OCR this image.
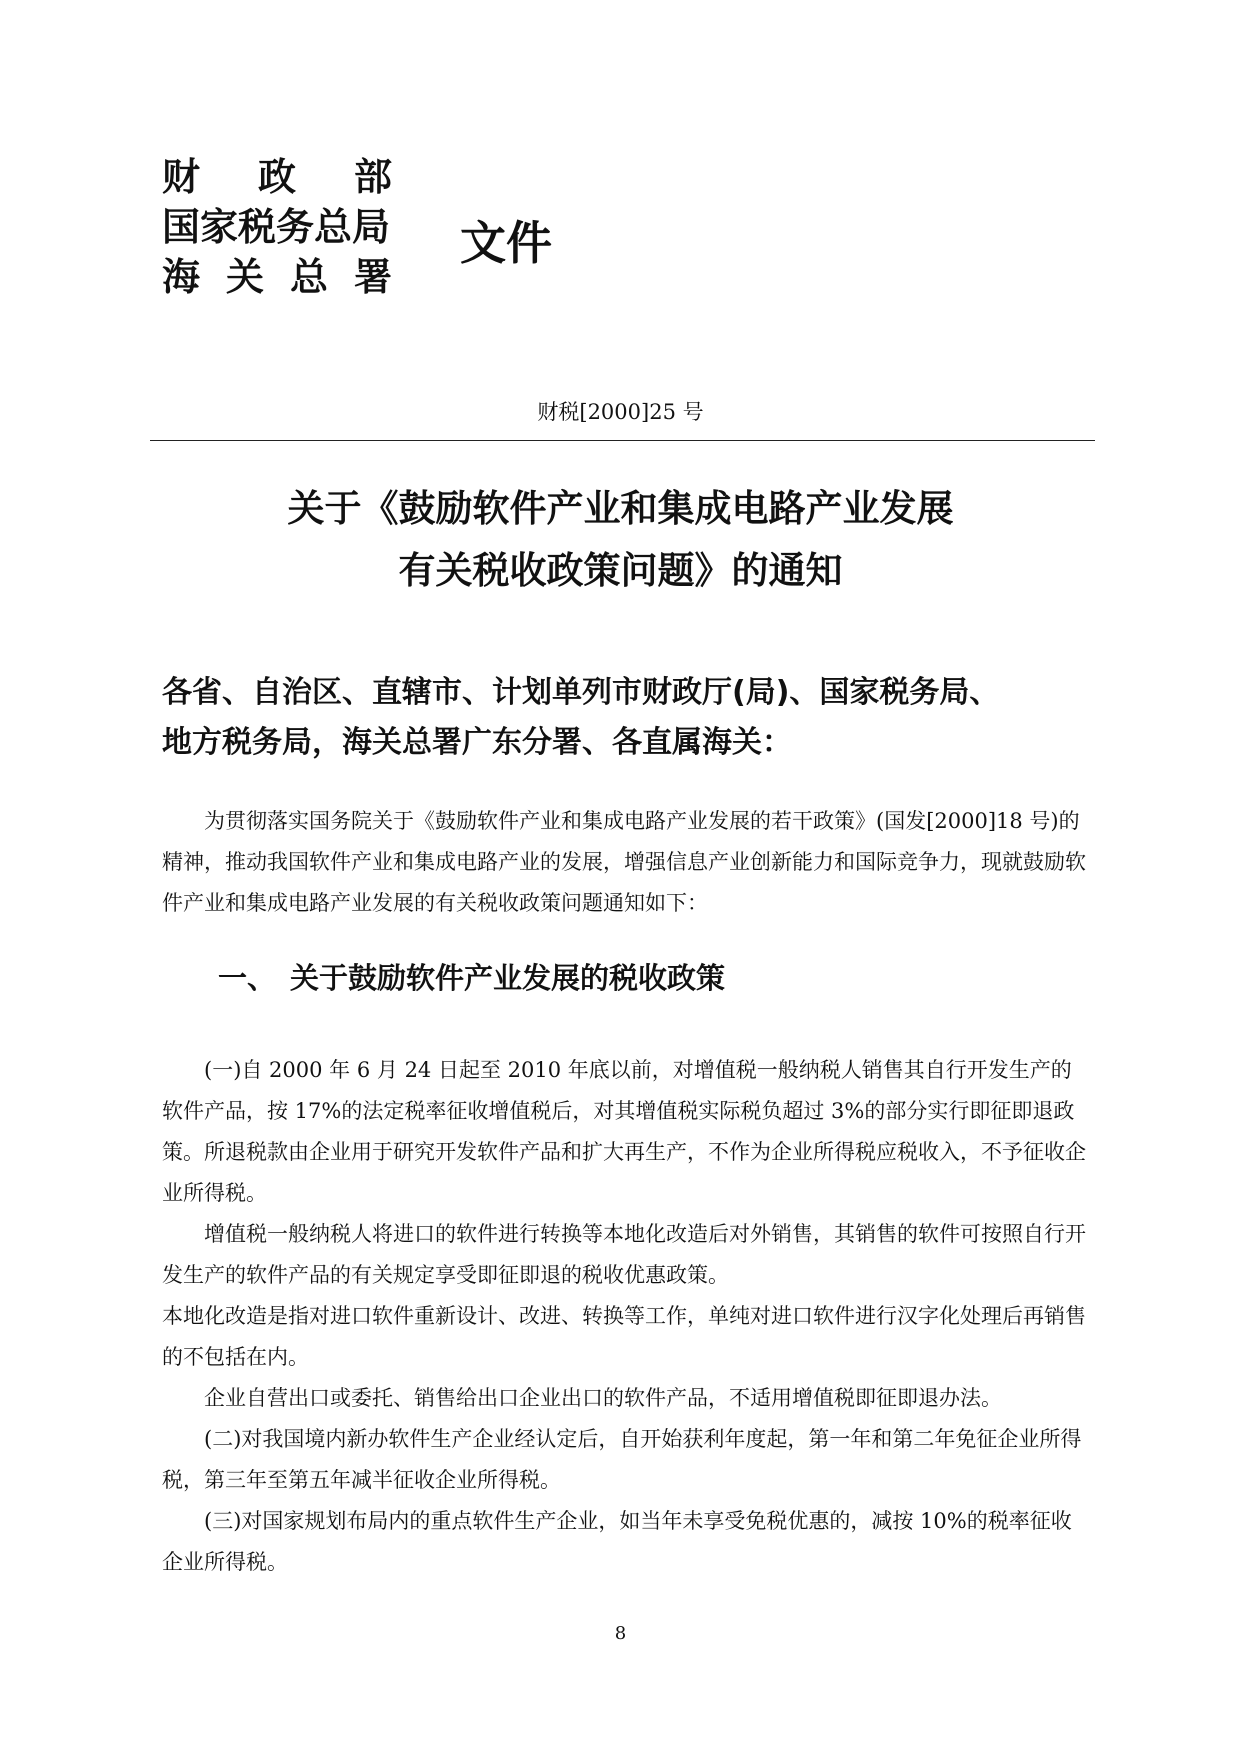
财 政 部
国家税务总局
海 关 总 署
文件
财税[2000]25 号
关于《鼓励软件产业和集成电路产业发展
有关税收政策问题》的通知
各省、自治区、直辖市、计划单列市财政厅(局)、国家税务局、
地方税务局，海关总署广东分署、各直属海关：

为贯彻落实国务院关于《鼓励软件产业和集成电路产业发展的若干政策》(国发[2000]18 号)的精神，推动我国软件产业和集成电路产业的发展，增强信息产业创新能力和国际竞争力，现就鼓励软件产业和集成电路产业发展的有关税收政策问题通知如下：

一、 关于鼓励软件产业发展的税收政策

(一)自 2000 年 6 月 24 日起至 2010 年底以前，对增值税一般纳税人销售其自行开发生产的软件产品，按 17%的法定税率征收增值税后，对其增值税实际税负超过 3%的部分实行即征即退政策。所退税款由企业用于研究开发软件产品和扩大再生产，不作为企业所得税应税收入，不予征收企业所得税。

增值税一般纳税人将进口的软件进行转换等本地化改造后对外销售，其销售的软件可按照自行开发生产的软件产品的有关规定享受即征即退的税收优惠政策。

本地化改造是指对进口软件重新设计、改进、转换等工作，单纯对进口软件进行汉字化处理后再销售的不包括在内。

企业自营出口或委托、销售给出口企业出口的软件产品，不适用增值税即征即退办法。

(二)对我国境内新办软件生产企业经认定后，自开始获利年度起，第一年和第二年免征企业所得税，第三年至第五年减半征收企业所得税。

(三)对国家规划布局内的重点软件生产企业，如当年未享受免税优惠的，减按 10%的税率征收企业所得税。

8
